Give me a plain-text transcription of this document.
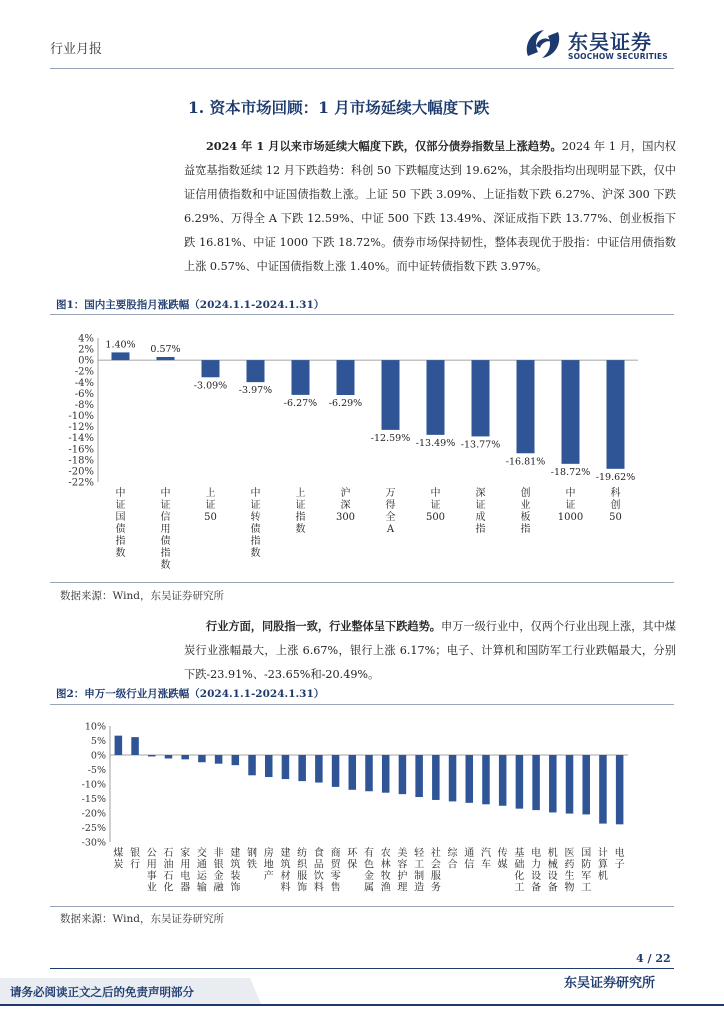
行业月报	东吴证券
SOOCHOW SECURITIES
1. 资本市场回顾：1 月市场延续大幅度下跌
2024 年 1 月以来市场延续大幅度下跌，仅部分债券指数呈上涨趋势。2024 年 1 月，国内权益宽基指数延续 12 月下跌趋势：科创 50 下跌幅度达到 19.62%，其余股指均出现明显下跌，仅中证信用债指数和中证国债指数上涨。上证 50 下跌 3.09%、上证指数下跌 6.27%、沪深 300 下跌 6.29%、万得全 A 下跌 12.59%、中证 500 下跌 13.49%、深证成指下跌 13.77%、创业板指下跌 16.81%、中证 1000 下跌 18.72%。债券市场保持韧性，整体表现优于股指：中证信用债指数上涨 0.57%、中证国债指数上涨 1.40%。而中证转债指数下跌 3.97%。
图1：国内主要股指月涨跌幅（2024.1.1-2024.1.31）
4%
2%
0%
-2%
-4%
-6%
-8%
-10%
-12%
-14%
-16%
-18%
-20%
-22%
1.40%
中证国债指数
0.57%
中证信用债指数
-3.09%
上证 50
-3.97%
中证转债指数
-6.27%
上证指数
-6.29%
沪深 300
-12.59%
万得全 A
-13.49%
中证 500
-13.77%
深证成指
-16.81%
创业板指
-18.72%
中证 1000
-19.62%
科创 50
数据来源：Wind，东吴证券研究所
行业方面，同股指一致，行业整体呈下跌趋势。申万一级行业中，仅两个行业出现上涨，其中煤炭行业涨幅最大，上涨 6.67%，银行上涨 6.17%；电子、计算机和国防军工行业跌幅最大，分别下跌-23.91%、-23.65%和-20.49%。
图2：申万一级行业月涨跌幅（2024.1.1-2024.1.31）
10%
5%
0%
-5%
-10%
-15%
-20%
-25%
-30%
煤炭
银行
公用事业
石油石化
家用电器
交通运输
非银金融
建筑装饰
钢铁
房地产
建筑材料
纺织服饰
食品饮料
商贸零售
环保
有色金属
农林牧渔
美容护理
轻工制造
社会服务
综合
通信
汽车
传媒
基础化工
电力设备
机械设备
医药生物
国防军工
计算机
电子
数据来源：Wind，东吴证券研究所
4 / 22
请务必阅读正文之后的免责声明部分
东吴证券研究所
